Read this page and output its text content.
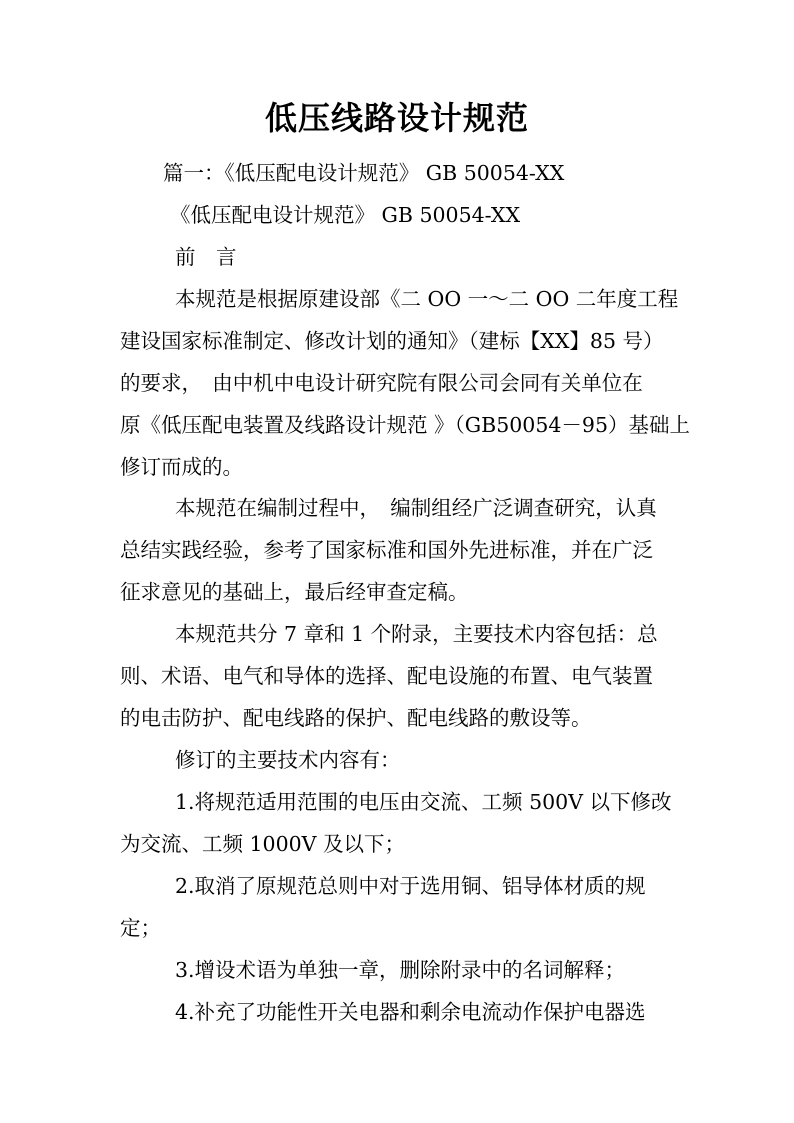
低压线路设计规范
篇一：《低压配电设计规范》 GB 50054-XX
《低压配电设计规范》 GB 50054-XX
前　言
本规范是根据原建设部《二 OO 一～二 OO 二年度工程
建设国家标准制定、修改计划的通知》（建标【XX】85 号）
的要求，　由中机中电设计研究院有限公司会同有关单位在
原《低压配电装置及线路设计规范 》（GB50054－95）基础上
修订而成的。
本规范在编制过程中，　编制组经广泛调查研究，认真
总结实践经验，参考了国家标准和国外先进标准，并在广泛
征求意见的基础上，最后经审查定稿。
本规范共分 7 章和 1 个附录，主要技术内容包括：总
则、术语、电气和导体的选择、配电设施的布置、电气装置
的电击防护、配电线路的保护、配电线路的敷设等。
修订的主要技术内容有：
1.将规范适用范围的电压由交流、工频 500V 以下修改
为交流、工频 1000V 及以下；
2.取消了原规范总则中对于选用铜、铝导体材质的规
定；
3.增设术语为单独一章，删除附录中的名词解释；
4.补充了功能性开关电器和剩余电流动作保护电器选
